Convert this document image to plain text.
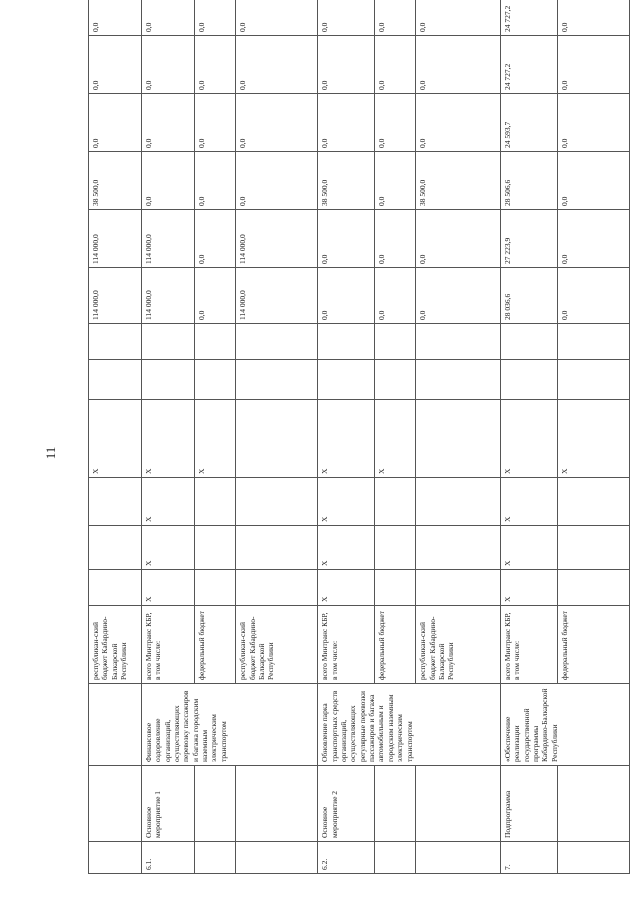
11
			республикан-ский бюджет Кабардино-Балкарской Республики				X			114 000,0	114 000,0	38 500,0	0,0	0,0	0,0
6.1.	Основное мероприятие 1	Финансовое оздоровление организаций, осуществляющих перевозку пассажиров и багажа городским наземным электрическим транспортом	всего Минтранс КБР, в том числе:	X	X	X	X			114 000,0	114 000,0	0,0	0,0	0,0	0,0
			федеральный бюджет				X			0,0	0,0	0,0	0,0	0,0	0,0
			республикан-ский бюджет Кабардино-Балкарской Республики							114 000,0	114 000,0	0,0	0,0	0,0	0,0
6.2.	Основное мероприятие 2	Обновление парка транспортных средств организаций, осуществляющих регулярные перевозки пассажиров и багажа автомобильным и городским наземным электрическим транспортом	всего Минтранс КБР, в том числе:	X	X	X	X			0,0	0,0	38 500,0	0,0	0,0	0,0
			федеральный бюджет				X			0,0	0,0	0,0	0,0	0,0	0,0
			республикан-ский бюджет Кабардино-Балкарской Республики							0,0	0,0	38 500,0	0,0	0,0	0,0
7.	Подпрограмма	«Обеспечение реализации государственной программы Кабардино-Балкарской Республики	всего Минтранс КБР, в том числе:	X	X	X	X			28 036,6	27 223,9	28 506,6	24 593,7	24 727,2	24 727,2
			федеральный бюджет				X			0,0	0,0	0,0	0,0	0,0	0,0
